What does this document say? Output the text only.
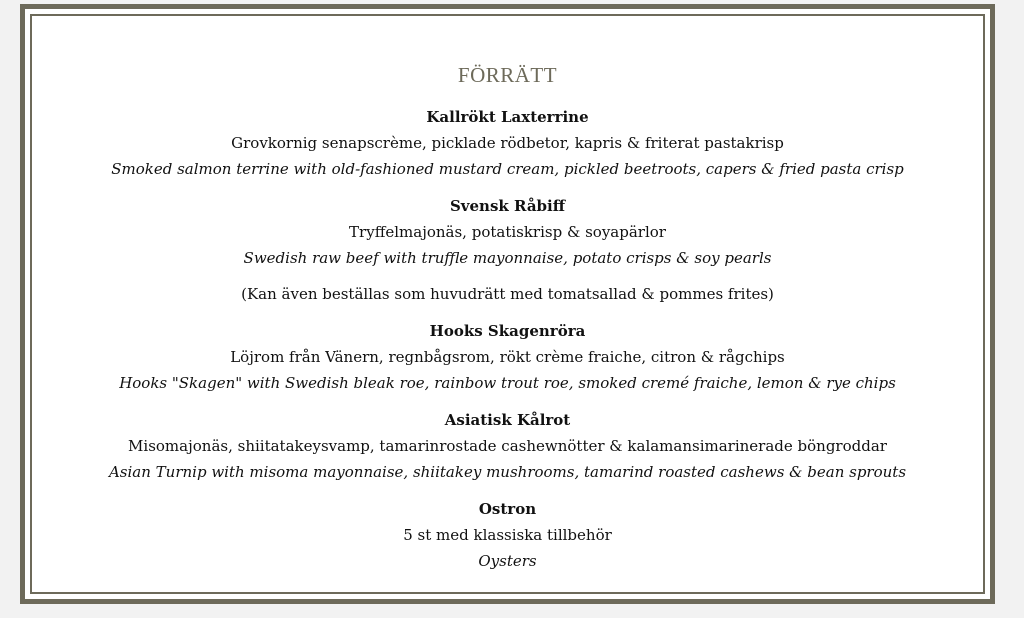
FÖRRÄTT
Kallrökt Laxterrine
Grovkornig senapscrème, picklade rödbetor, kapris & friterat pastakrisp
Smoked salmon terrine with old-fashioned mustard cream, pickled beetroots, capers & fried pasta crisp
Svensk Råbiff
Tryffelmajonäs, potatiskrisp & soyapärlor
Swedish raw beef with truffle mayonnaise, potato crisps & soy pearls
(Kan även beställas som huvudrätt med tomatsallad & pommes frites)
Hooks Skagenröra
Löjrom från Vänern, regnbågsrom, rökt crème fraiche, citron & rågchips
Hooks "Skagen" with Swedish bleak roe, rainbow trout roe, smoked cremé fraiche, lemon & rye chips
Asiatisk Kålrot
Misomajonäs, shiitatakeysvamp, tamarinrostade cashewnötter & kalamansimarinerade böngroddar
Asian Turnip with misoma mayonnaise, shiitakey mushrooms, tamarind roasted cashews & bean sprouts
Ostron
5 st med klassiska tillbehör
Oysters
